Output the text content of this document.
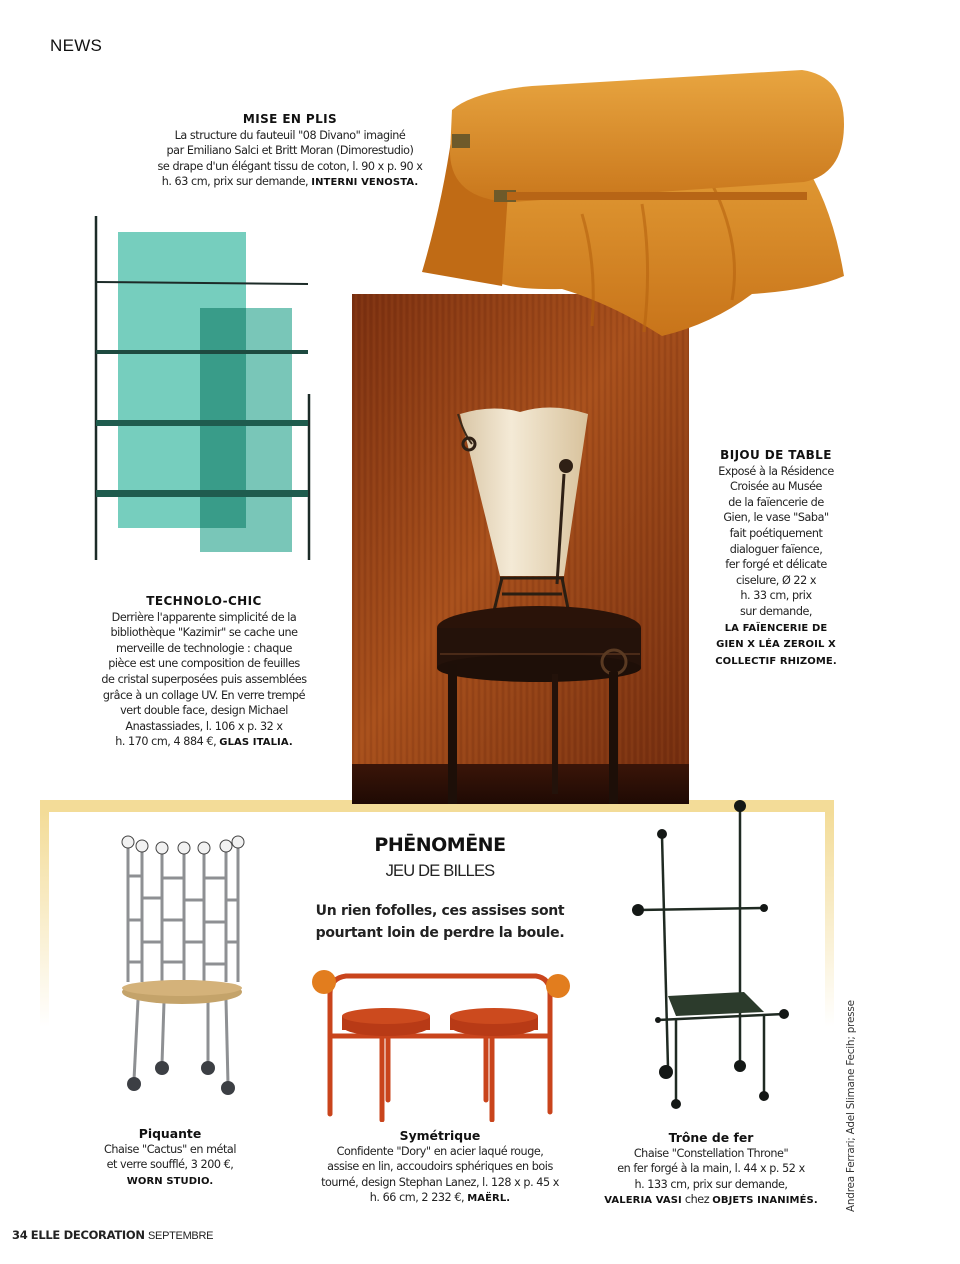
NEWS
MISE EN PLIS
La structure du fauteuil "08 Divano" imaginé
par Emiliano Salci et Britt Moran (Dimorestudio)
se drape d'un élégant tissu de coton, l. 90 x p. 90 x
h. 63 cm, prix sur demande, INTERNI VENOSTA.
TECHNOLO-CHIC
Derrière l'apparente simplicité de la
bibliothèque "Kazimir" se cache une
merveille de technologie : chaque
pièce est une composition de feuilles
de cristal superposées puis assemblées
grâce à un collage UV. En verre trempé
vert double face, design Michael
Anastassiades, l. 106 x p. 32 x
h. 170 cm, 4 884 €, GLAS ITALIA.
BIJOU DE TABLE
Exposé à la Résidence
Croisée au Musée
de la faïencerie de
Gien, le vase "Saba"
fait poétiquement
dialoguer faïence,
fer forgé et délicate
ciselure, Ø 22 x
h. 33 cm, prix
sur demande,
LA FAÏENCERIE DE
GIEN X LÉA ZEROIL X
COLLECTIF RHIZOME.
PHĒNOMĒNE
JEU DE BILLES
Un rien fofolles, ces assises sont
pourtant loin de perdre la boule.
Piquante
Chaise "Cactus" en métal
et verre soufflé, 3 200 €,
WORN STUDIO.
Symétrique
Confidente "Dory" en acier laqué rouge,
assise en lin, accoudoirs sphériques en bois
tourné, design Stephan Lanez, l. 128 x p. 45 x
h. 66 cm, 2 232 €, MAËRL.
Trône de fer
Chaise "Constellation Throne"
en fer forgé à la main, l. 44 x p. 52 x
h. 133 cm, prix sur demande,
VALERIA VASI chez OBJETS INANIMÉS.	Andrea Ferrari; Adel Slimane Fecih; presse
34 ELLE DECORATION SEPTEMBRE
